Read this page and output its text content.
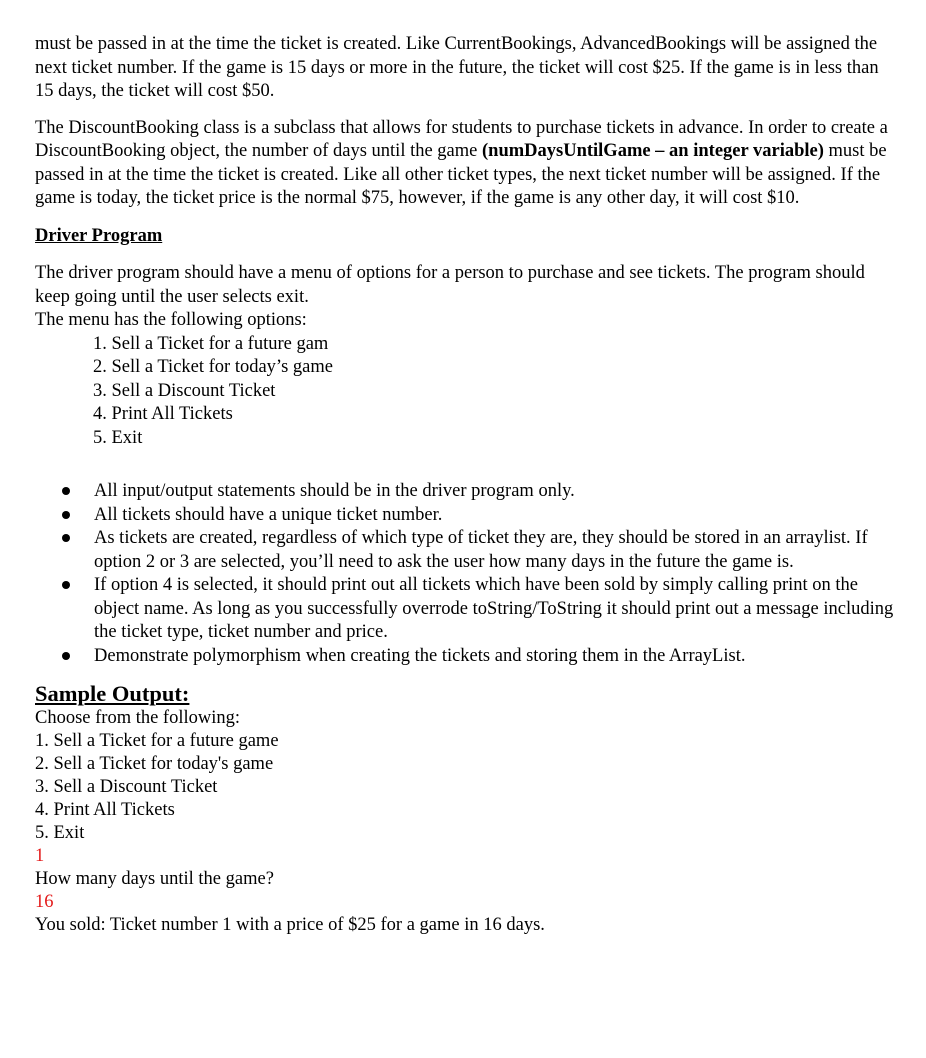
must be passed in at the time the ticket is created. Like CurrentBookings, AdvancedBookings will be assigned the next ticket number. If the game is 15 days or more in the future, the ticket will cost $25. If the game is in less than 15 days, the ticket will cost $50.

The DiscountBooking class is a subclass that allows for students to purchase tickets in advance. In order to create a DiscountBooking object, the number of days until the game (numDaysUntilGame – an integer variable) must be passed in at the time the ticket is created. Like all other ticket types, the next ticket number will be assigned. If the game is today, the ticket price is the normal $75, however, if the game is any other day, it will cost $10.

Driver Program

The driver program should have a menu of options for a person to purchase and see tickets. The program should keep going until the user selects exit.

The menu has the following options:

1. Sell a Ticket for a future gam
2. Sell a Ticket for today’s game
3. Sell a Discount Ticket
4. Print All Tickets
5. Exit
All input/output statements should be in the driver program only.
All tickets should have a unique ticket number.
As tickets are created, regardless of which type of ticket they are, they should be stored in an arraylist. If option 2 or 3 are selected, you’ll need to ask the user how many days in the future the game is.
If option 4 is selected, it should print out all tickets which have been sold by simply calling print on the object name. As long as you successfully overrode toString/ToString it should print out a message including the ticket type, ticket number and price.
Demonstrate polymorphism when creating the tickets and storing them in the ArrayList.

Sample Output:

Choose from the following:

1. Sell a Ticket for a future game

2. Sell a Ticket for today's game

3. Sell a Discount Ticket

4. Print All Tickets

5. Exit

1

How many days until the game?

16

You sold: Ticket number 1 with a price of $25 for a game in 16 days.
